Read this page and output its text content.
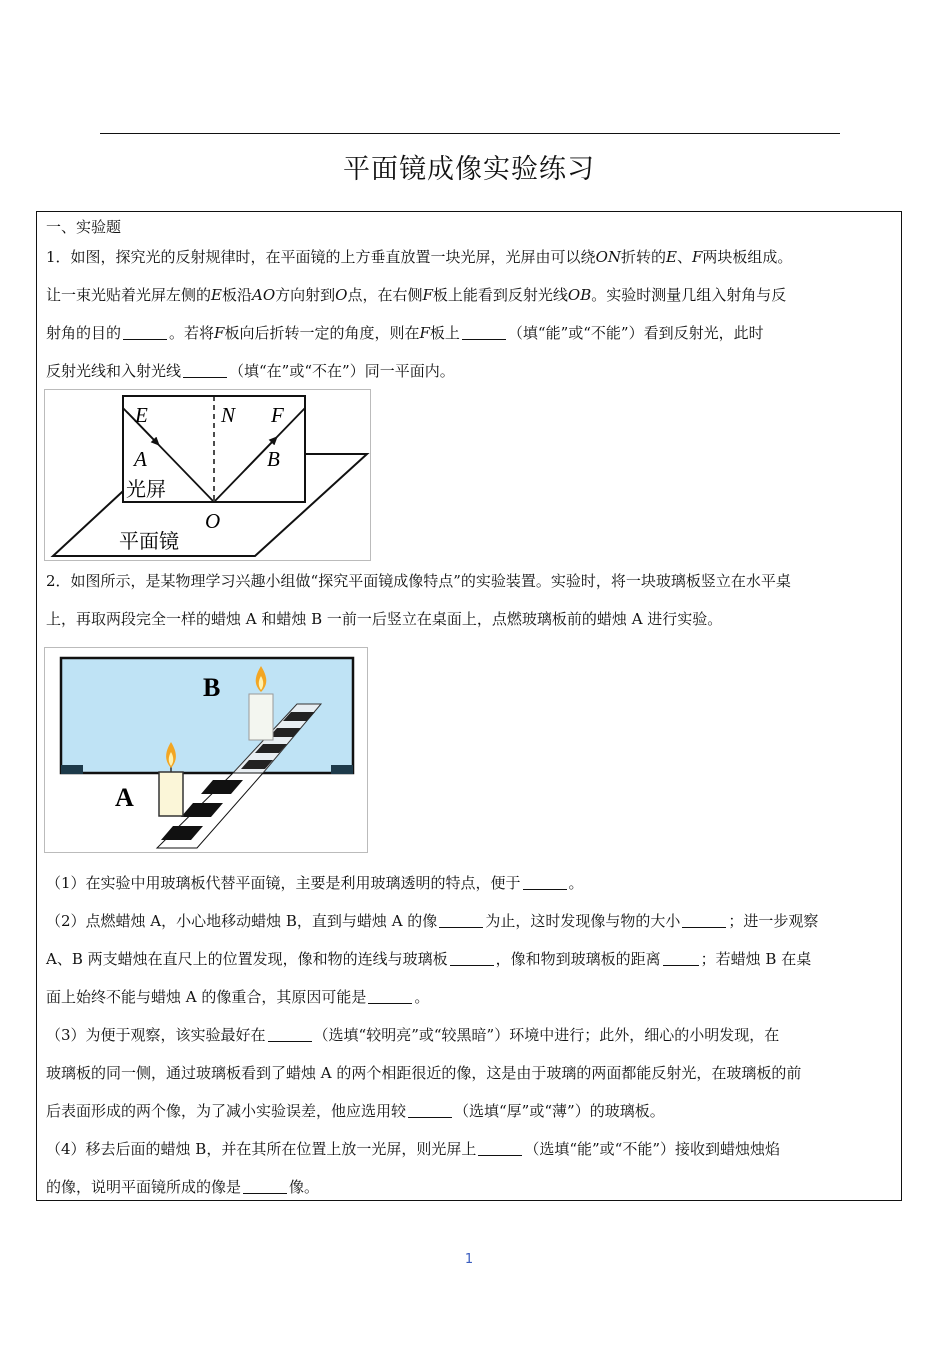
平面镜成像实验练习
一、实验题
1．如图，探究光的反射规律时，在平面镜的上方垂直放置一块光屏，光屏由可以绕ON折转的E、F两块板组成。
让一束光贴着光屏左侧的E板沿AO方向射到O点，在右侧F板上能看到反射光线OB。实验时测量几组入射角与反
射角的目的	。若将F板向后折转一定的角度，则在F板上	（填“能”或“不能”）看到反射光，此时
反射光线和入射光线	（填“在”或“不在”）同一平面内。
E	N F
A	B
O
光屏
平面镜
2．如图所示，是某物理学习兴趣小组做“探究平面镜成像特点”的实验装置。实验时，将一块玻璃板竖立在水平桌
上，再取两段完全一样的蜡烛 A 和蜡烛 B 一前一后竖立在桌面上，点燃玻璃板前的蜡烛 A 进行实验。
B
A
（1）在实验中用玻璃板代替平面镜，主要是利用玻璃透明的特点，便于	。
（2）点燃蜡烛 A，小心地移动蜡烛 B，直到与蜡烛 A 的像	为止，这时发现像与物的大小	；进一步观察
A、B 两支蜡烛在直尺上的位置发现，像和物的连线与玻璃板	，像和物到玻璃板的距离	；若蜡烛 B 在桌
面上始终不能与蜡烛 A 的像重合，其原因可能是	。
（3）为便于观察，该实验最好在	（选填“较明亮”或“较黑暗”）环境中进行；此外，细心的小明发现，在
玻璃板的同一侧，通过玻璃板看到了蜡烛 A 的两个相距很近的像，这是由于玻璃的两面都能反射光，在玻璃板的前
后表面形成的两个像，为了减小实验误差，他应选用较	（选填“厚”或“薄”）的玻璃板。
（4）移去后面的蜡烛 B，并在其所在位置上放一光屏，则光屏上	（选填“能”或“不能”）接收到蜡烛烛焰
的像，说明平面镜所成的像是	像。
1
